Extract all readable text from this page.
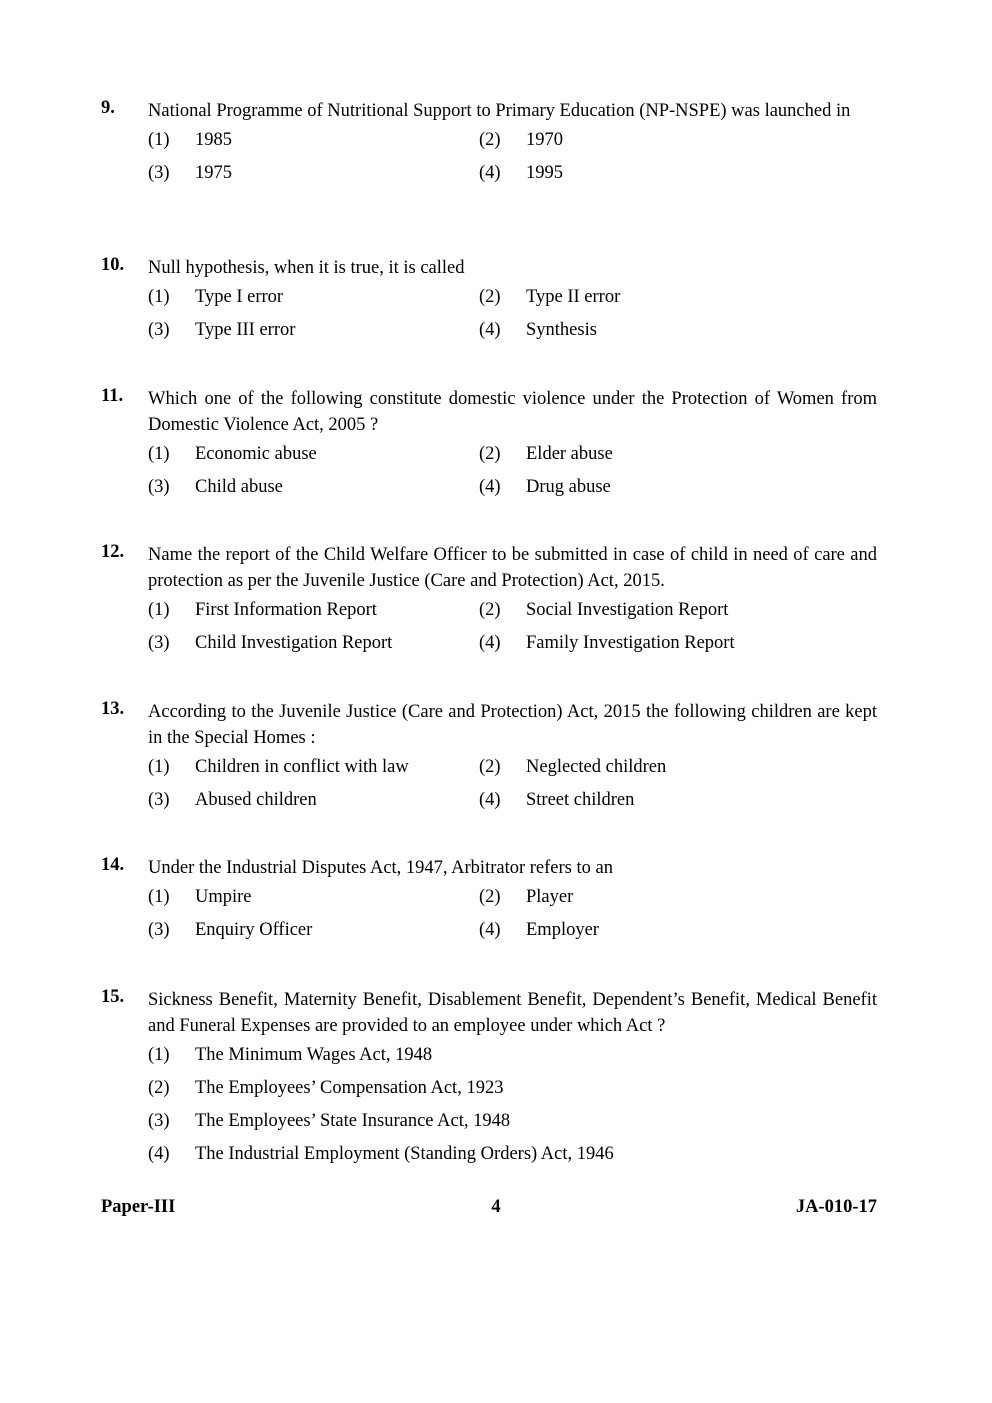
9. National Programme of Nutritional Support to Primary Education (NP-NSPE) was launched in
(1) 1985	(2) 1970
(3) 1975	(4) 1995
10. Null hypothesis, when it is true, it is called
(1) Type I error	(2) Type II error
(3) Type III error	(4) Synthesis
11. Which one of the following constitute domestic violence under the Protection of Women from Domestic Violence Act, 2005 ?
(1) Economic abuse	(2) Elder abuse
(3) Child abuse	(4) Drug abuse
12. Name the report of the Child Welfare Officer to be submitted in case of child in need of care and protection as per the Juvenile Justice (Care and Protection) Act, 2015.
(1) First Information Report	(2) Social Investigation Report
(3) Child Investigation Report	(4) Family Investigation Report
13. According to the Juvenile Justice (Care and Protection) Act, 2015 the following children are kept in the Special Homes :
(1) Children in conflict with law	(2) Neglected children
(3) Abused children	(4) Street children
14. Under the Industrial Disputes Act, 1947, Arbitrator refers to an
(1) Umpire	(2) Player
(3) Enquiry Officer	(4) Employer
15. Sickness Benefit, Maternity Benefit, Disablement Benefit, Dependent’s Benefit, Medical Benefit and Funeral Expenses are provided to an employee under which Act ?
(1) The Minimum Wages Act, 1948
(2) The Employees’ Compensation Act, 1923
(3) The Employees’ State Insurance Act, 1948
(4) The Industrial Employment (Standing Orders) Act, 1946
Paper-III	4	JA-010-17
